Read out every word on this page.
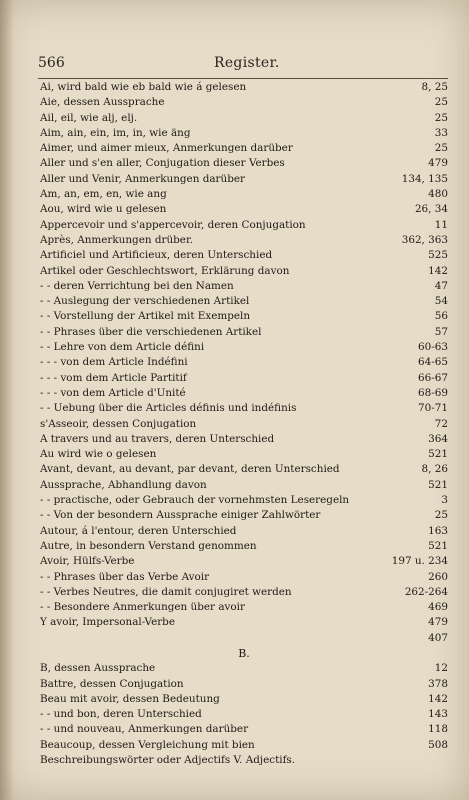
566	Register.
Ai, wird bald wie eb bald wie á gelesen	8, 25
Aie, dessen Aussprache	25
Ail, eil, wie alj, elj.	25
Aim, ain, ein, im, in, wie äng	33
Aimer, und aimer mieux, Anmerkungen darüber	25
Aller und s'en aller, Conjugation dieser Verbes	479
Aller und Venir, Anmerkungen darüber	134, 135
Am, an, em, en, wie ang	480
Aou, wird wie u gelesen	26, 34
Appercevoir und s'appercevoir, deren Conjugation	11
Après, Anmerkungen drüber.	362, 363
Artificiel und Artificieux, deren Unterschied	525
Artikel oder Geschlechtswort, Erklärung davon	142
- - deren Verrichtung bei den Namen	47
- - Auslegung der verschiedenen Artikel	54
- - Vorstellung der Artikel mit Exempeln	56
- - Phrases über die verschiedenen Artikel	57
- - Lehre von dem Article défini	60-63
- - - von dem Article Indéfini	64-65
- - - vom dem Article Partitif	66-67
- - - von dem Article d'Unité	68-69
- - Uebung über die Articles définis und indéfinis	70-71
s'Asseoir, dessen Conjugation	72
A travers und au travers, deren Unterschied	364
Au wird wie o gelesen	521
Avant, devant, au devant, par devant, deren Unterschied	8, 26
Aussprache, Abhandlung davon	521
- - practische, oder Gebrauch der vornehmsten Leseregeln	3
- - Von der besondern Aussprache einiger Zahlwörter	25
Autour, á l'entour, deren Unterschied	163
Autre, in besondern Verstand genommen	521
Avoir, Hülfs-Verbe	197 u. 234
- - Phrases über das Verbe Avoir	260
- - Verbes Neutres, die damit conjugiret werden	262-264
- - Besondere Anmerkungen über avoir	469
Y avoir, Impersonal-Verbe	479
407
B.
B, dessen Aussprache	12
Battre, dessen Conjugation	378
Beau mit avoir, dessen Bedeutung	142
- - und bon, deren Unterschied	143
- - und nouveau, Anmerkungen darüber	118
Beaucoup, dessen Vergleichung mit bien	508
Beschreibungswörter oder Adjectifs V. Adjectifs.
